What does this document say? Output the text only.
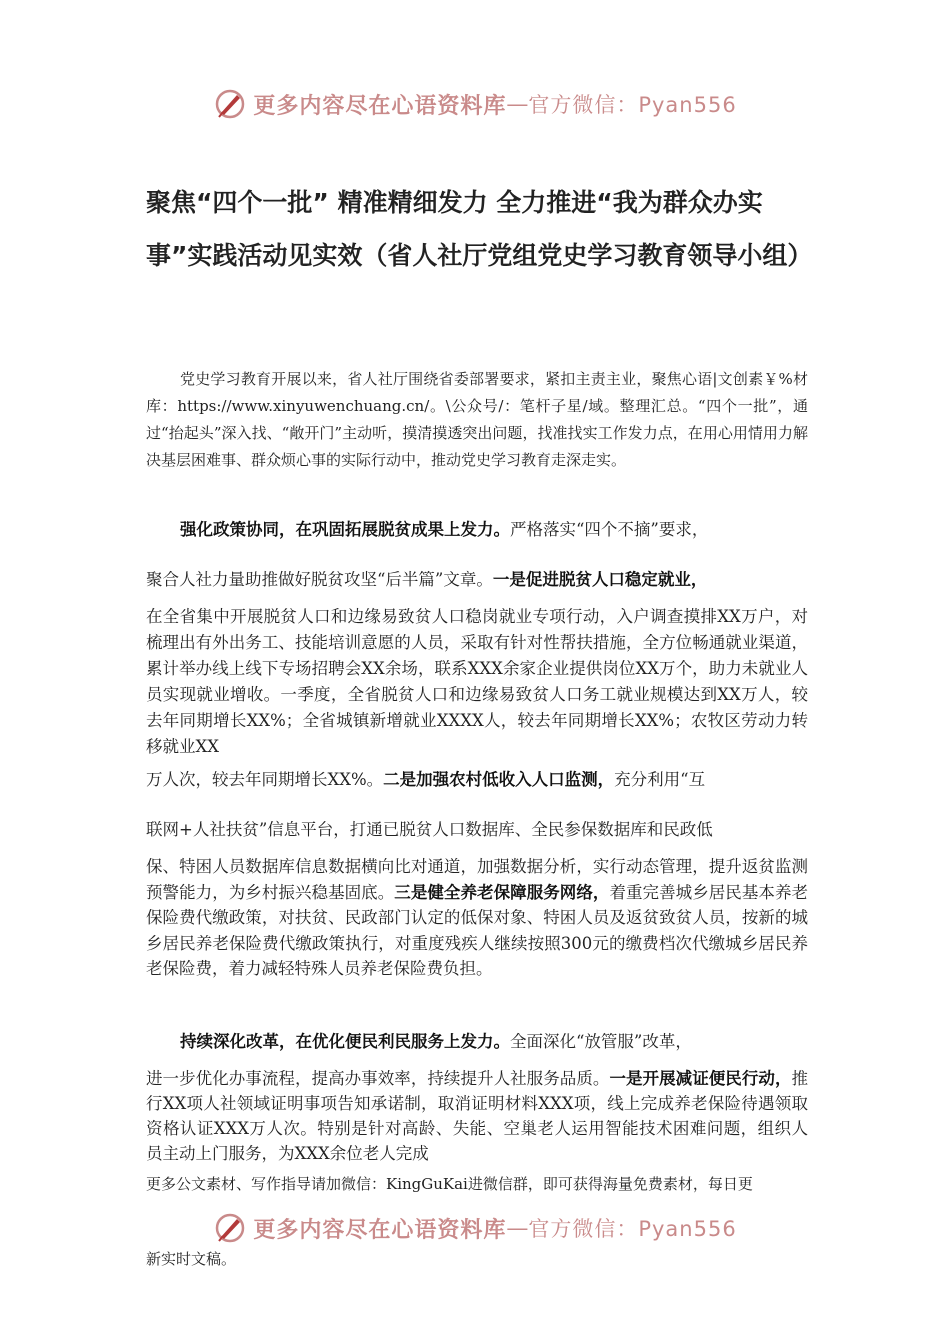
更多内容尽在心语资料库 — 官方微信：Pyan556
聚焦“四个一批” 精准精细发力 全力推进“我为群众办实事”实践活动见实效（省人社厅党组党史学习教育领导小组）

党史学习教育开展以来，省人社厅围绕省委部署要求，紧扣主责主业，聚焦心语|文创素￥%材库：https://www.xinyuwenchuang.cn/。\公众号/：笔杆子星/域。整理汇总。“四个一批”，通过“抬起头”深入找、“敞开门”主动听，摸清摸透突出问题，找准找实工作发力点，在用心用情用力解决基层困难事、群众烦心事的实际行动中，推动党史学习教育走深走实。

强化政策协同，在巩固拓展脱贫成果上发力。严格落实“四个不摘”要求，

聚合人社力量助推做好脱贫攻坚“后半篇”文章。一是促进脱贫人口稳定就业，

在全省集中开展脱贫人口和边缘易致贫人口稳岗就业专项行动，入户调查摸排XX万户，对梳理出有外出务工、技能培训意愿的人员，采取有针对性帮扶措施，全方位畅通就业渠道，累计举办线上线下专场招聘会XX余场，联系XXX余家企业提供岗位XX万个，助力未就业人员实现就业增收。一季度，全省脱贫人口和边缘易致贫人口务工就业规模达到XX万人，较去年同期增长XX%；全省城镇新增就业XXXX人，较去年同期增长XX%；农牧区劳动力转移就业XX

万人次，较去年同期增长XX%。二是加强农村低收入人口监测，充分利用“互

联网+人社扶贫”信息平台，打通已脱贫人口数据库、全民参保数据库和民政低

保、特困人员数据库信息数据横向比对通道，加强数据分析，实行动态管理，提升返贫监测预警能力，为乡村振兴稳基固底。三是健全养老保障服务网络，着重完善城乡居民基本养老保险费代缴政策，对扶贫、民政部门认定的低保对象、特困人员及返贫致贫人员，按新的城乡居民养老保险费代缴政策执行，对重度残疾人继续按照300元的缴费档次代缴城乡居民养老保险费，着力减轻特殊人员养老保险费负担。

持续深化改革，在优化便民利民服务上发力。全面深化“放管服”改革，

进一步优化办事流程，提高办事效率，持续提升人社服务品质。一是开展减证便民行动，推行XX项人社领域证明事项告知承诺制，取消证明材料XXX项，线上完成养老保险待遇领取资格认证XXX万人次。特别是针对高龄、失能、空巢老人运用智能技术困难问题，组织人员主动上门服务，为XXX余位老人完成

更多公文素材、写作指导请加微信：KingGuKai进微信群，即可获得海量免费素材，每日更

更多内容尽在心语资料库 — 官方微信：Pyan556

新实时文稿。
